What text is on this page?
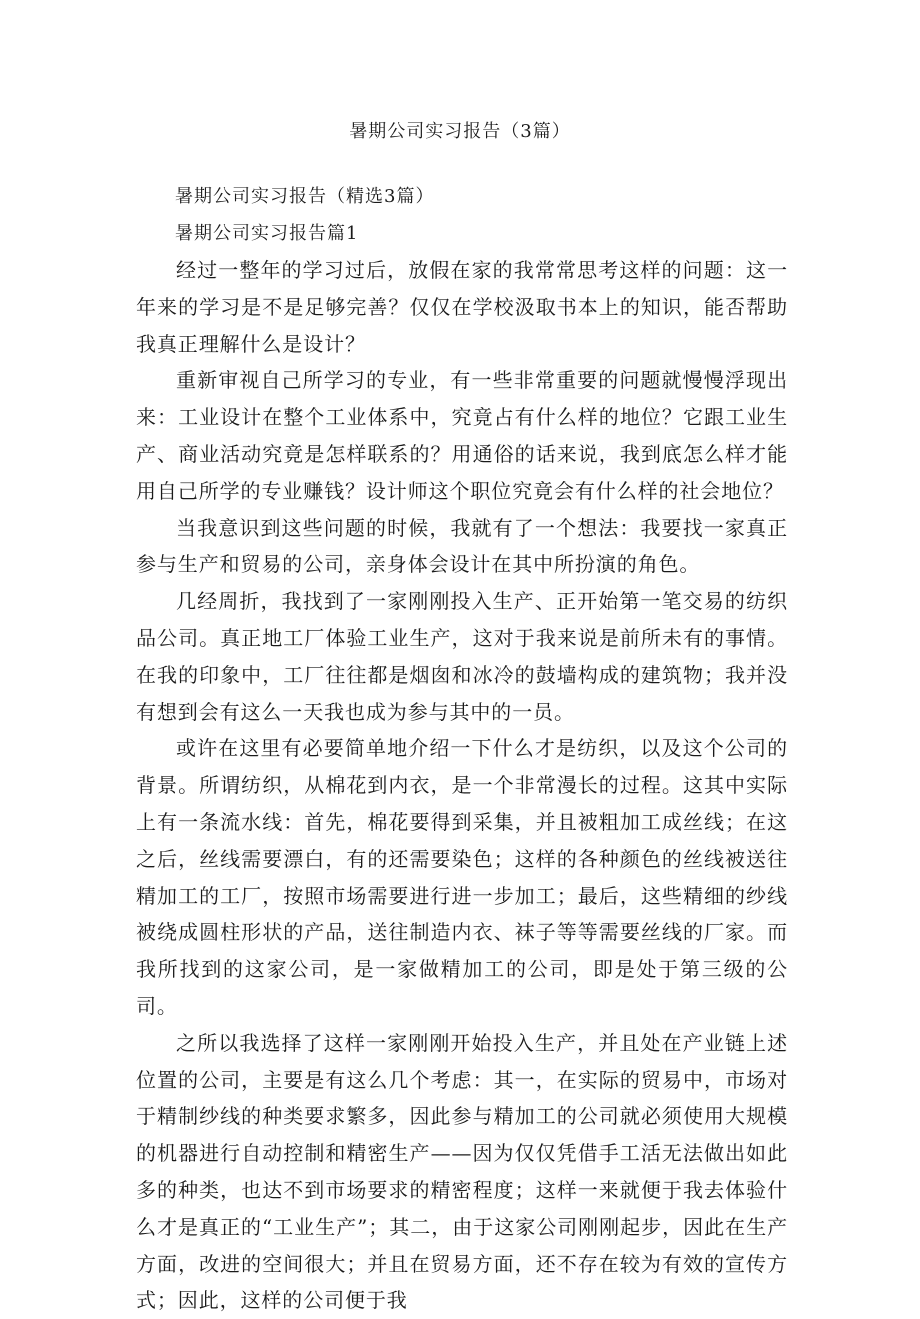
暑期公司实习报告（3篇）
暑期公司实习报告（精选3篇）
暑期公司实习报告篇1

经过一整年的学习过后，放假在家的我常常思考这样的问题：这一年来的学习是不是足够完善？仅仅在学校汲取书本上的知识，能否帮助我真正理解什么是设计？

重新审视自己所学习的专业，有一些非常重要的问题就慢慢浮现出来：工业设计在整个工业体系中，究竟占有什么样的地位？它跟工业生产、商业活动究竟是怎样联系的？用通俗的话来说，我到底怎么样才能用自己所学的专业赚钱？设计师这个职位究竟会有什么样的社会地位？

当我意识到这些问题的时候，我就有了一个想法：我要找一家真正参与生产和贸易的公司，亲身体会设计在其中所扮演的角色。

几经周折，我找到了一家刚刚投入生产、正开始第一笔交易的纺织品公司。真正地工厂体验工业生产，这对于我来说是前所未有的事情。在我的印象中，工厂往往都是烟囱和冰冷的鼓墙构成的建筑物；我并没有想到会有这么一天我也成为参与其中的一员。

或许在这里有必要简单地介绍一下什么才是纺织，以及这个公司的背景。所谓纺织，从棉花到内衣，是一个非常漫长的过程。这其中实际上有一条流水线：首先，棉花要得到采集，并且被粗加工成丝线；在这之后，丝线需要漂白，有的还需要染色；这样的各种颜色的丝线被送往精加工的工厂，按照市场需要进行进一步加工；最后，这些精细的纱线被绕成圆柱形状的产品，送往制造内衣、袜子等等需要丝线的厂家。而我所找到的这家公司，是一家做精加工的公司，即是处于第三级的公司。

之所以我选择了这样一家刚刚开始投入生产，并且处在产业链上述位置的公司，主要是有这么几个考虑：其一，在实际的贸易中，市场对于精制纱线的种类要求繁多，因此参与精加工的公司就必须使用大规模的机器进行自动控制和精密生产——因为仅仅凭借手工活无法做出如此多的种类，也达不到市场要求的精密程度；这样一来就便于我去体验什么才是真正的“工业生产”；其二，由于这家公司刚刚起步，因此在生产方面，改进的空间很大；并且在贸易方面，还不存在较为有效的宣传方式；因此，这样的公司便于我
